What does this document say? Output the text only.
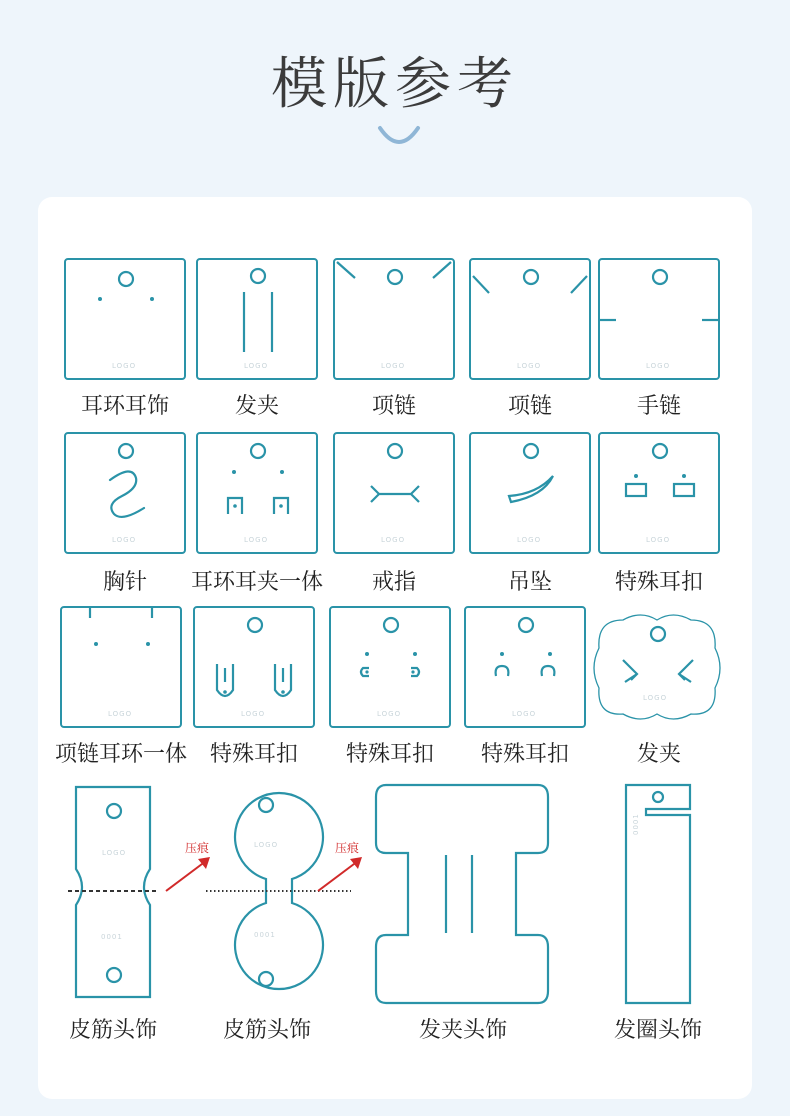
模版参考
LOGO	LOGO	LOGO	LOGO	LOGO
耳环耳饰	发夹	项链	项链	手链
LOGO	LOGO	LOGO	LOGO	LOGO
胸针	耳环耳夹一体	戒指	吊坠	特殊耳扣
LOGO	LOGO	LOGO	LOGO
LOGO
项链耳环一体	特殊耳扣	特殊耳扣	特殊耳扣	发夹
LOGO
0001
压痕	LOGO
0001
压痕
0001
皮筋头饰	皮筋头饰	发夹头饰	发圈头饰
